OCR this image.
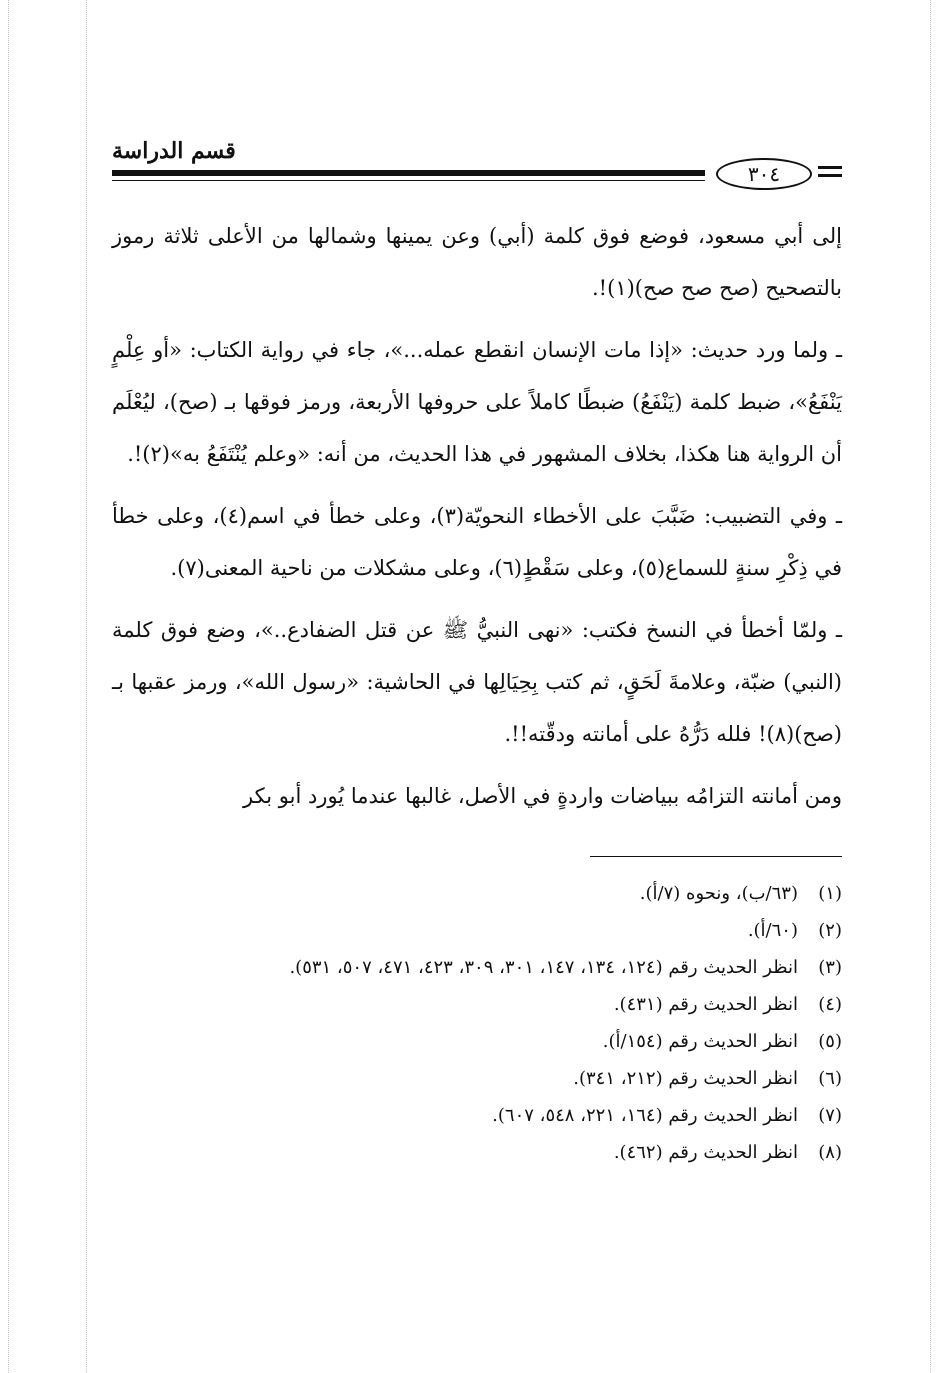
قسم الدراسة
٣٠٤

إلى أبي مسعود، فوضع فوق كلمة (أبي) وعن يمينها وشمالها من الأعلى ثلاثة رموز بالتصحيح (صح صح صح)(١)!.

ـ ولما ورد حديث: «إذا مات الإنسان انقطع عمله...»، جاء في رواية الكتاب: «أو عِلْمٍ يَنْفَعُ»، ضبط كلمة (يَنْفَعُ) ضبطًا كاملاً على حروفها الأربعة، ورمز فوقها بـ (صح)، ليُعْلَم أن الرواية هنا هكذا، بخلاف المشهور في هذا الحديث، من أنه: «وعلم يُنْتَفَعُ به»(٢)!.

ـ وفي التضبيب: ضَبَّبَ على الأخطاء النحويّة(٣)، وعلى خطأ في اسم(٤)، وعلى خطأ في ذِكْرِ سنةٍ للسماع(٥)، وعلى سَقْطٍ(٦)، وعلى مشكلات من ناحية المعنى(٧).

ـ ولمّا أخطأ في النسخ فكتب: «نهى النبيُّ ﷺ عن قتل الضفادع..»، وضع فوق كلمة (النبي) ضبّة، وعلامةَ لَحَقٍ، ثم كتب بِحِيَالِها في الحاشية: «رسول الله»، ورمز عقبها بـ (صح)(٨)! فلله دَرُّهُ على أمانته ودقّته!!.

ومن أمانته التزامُه ببياضات واردةٍ في الأصل، غالبها عندما يُورد أبو بكر

(١)
(٦٣/ب)، ونحوه (٧/أ).
(٢)
(٦٠/أ).
(٣)
انظر الحديث رقم (١٢٤، ١٣٤، ١٤٧، ٣٠١، ٣٠٩، ٤٢٣، ٤٧١، ٥٠٧، ٥٣١).
(٤)
انظر الحديث رقم (٤٣١).
(٥)
انظر الحديث رقم (١٥٤/أ).
(٦)
انظر الحديث رقم (٢١٢، ٣٤١).
(٧)
انظر الحديث رقم (١٦٤، ٢٢١، ٥٤٨، ٦٠٧).
(٨)
انظر الحديث رقم (٤٦٢).
